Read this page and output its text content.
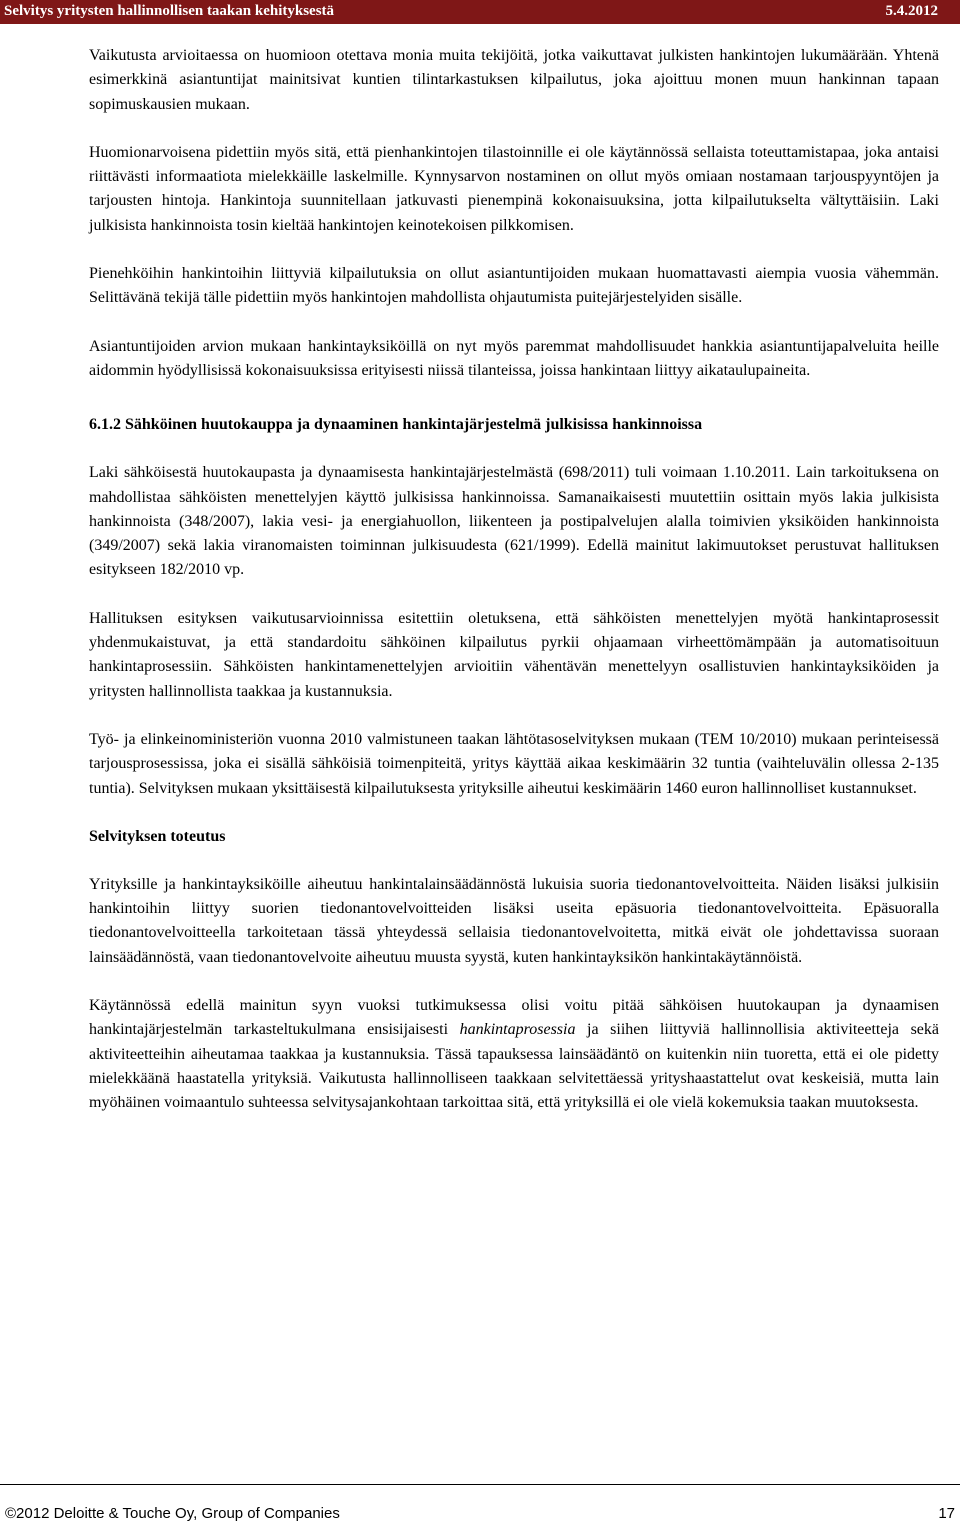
Selvitys yritysten hallinnollisen taakan kehityksestä	5.4.2012

Vaikutusta arvioitaessa on huomioon otettava monia muita tekijöitä, jotka vaikuttavat julkisten hankintojen lukumäärään. Yhtenä esimerkkinä asiantuntijat mainitsivat kuntien tilintarkastuksen kilpailutus, joka ajoittuu monen muun hankinnan tapaan sopimuskausien mukaan.

Huomionarvoisena pidettiin myös sitä, että pienhankintojen tilastoinnille ei ole käytännössä sellaista toteuttamistapaa, joka antaisi riittävästi informaatiota mielekkäille laskelmille. Kynnysarvon nostaminen on ollut myös omiaan nostamaan tarjouspyyntöjen ja tarjousten hintoja. Hankintoja suunnitellaan jatkuvasti pienempinä kokonaisuuksina, jotta kilpailutukselta vältyttäisiin. Laki julkisista hankinnoista tosin kieltää hankintojen keinotekoisen pilkkomisen.

Pienehköihin hankintoihin liittyviä kilpailutuksia on ollut asiantuntijoiden mukaan huomattavasti aiempia vuosia vähemmän. Selittävänä tekijä tälle pidettiin myös hankintojen mahdollista ohjautumista puitejärjestelyiden sisälle.

Asiantuntijoiden arvion mukaan hankintayksiköillä on nyt myös paremmat mahdollisuudet hankkia asiantuntijapalveluita heille aidommin hyödyllisissä kokonaisuuksissa erityisesti niissä tilanteissa, joissa hankintaan liittyy aikataulupaineita.

6.1.2 Sähköinen huutokauppa ja dynaaminen hankintajärjestelmä julkisissa hankinnoissa

Laki sähköisestä huutokaupasta ja dynaamisesta hankintajärjestelmästä (698/2011) tuli voimaan 1.10.2011. Lain tarkoituksena on mahdollistaa sähköisten menettelyjen käyttö julkisissa hankinnoissa. Samanaikaisesti muutettiin osittain myös lakia julkisista hankinnoista (348/2007), lakia vesi- ja energiahuollon, liikenteen ja postipalvelujen alalla toimivien yksiköiden hankinnoista (349/2007) sekä lakia viranomaisten toiminnan julkisuudesta (621/1999). Edellä mainitut lakimuutokset perustuvat hallituksen esitykseen 182/2010 vp.

Hallituksen esityksen vaikutusarvioinnissa esitettiin oletuksena, että sähköisten menettelyjen myötä hankintaprosessit yhdenmukaistuvat, ja että standardoitu sähköinen kilpailutus pyrkii ohjaamaan virheettömämpään ja automatisoituun hankintaprosessiin. Sähköisten hankintamenettelyjen arvioitiin vähentävän menettelyyn osallistuvien hankintayksiköiden ja yritysten hallinnollista taakkaa ja kustannuksia.

Työ- ja elinkeinoministeriön vuonna 2010 valmistuneen taakan lähtötasoselvityksen mukaan (TEM 10/2010) mukaan perinteisessä tarjousprosessissa, joka ei sisällä sähköisiä toimenpiteitä, yritys käyttää aikaa keskimäärin 32 tuntia (vaihteluvälin ollessa 2-135 tuntia). Selvityksen mukaan yksittäisestä kilpailutuksesta yrityksille aiheutui keskimäärin 1460 euron hallinnolliset kustannukset.

Selvityksen toteutus

Yrityksille ja hankintayksiköille aiheutuu hankintalainsäädännöstä lukuisia suoria tiedonantovelvoitteita. Näiden lisäksi julkisiin hankintoihin liittyy suorien tiedonantovelvoitteiden lisäksi useita epäsuoria tiedonantovelvoitteita. Epäsuoralla tiedonantovelvoitteella tarkoitetaan tässä yhteydessä sellaisia tiedonantovelvoitetta, mitkä eivät ole johdettavissa suoraan lainsäädännöstä, vaan tiedonantovelvoite aiheutuu muusta syystä, kuten hankintayksikön hankintakäytännöistä.

Käytännössä edellä mainitun syyn vuoksi tutkimuksessa olisi voitu pitää sähköisen huutokaupan ja dynaamisen hankintajärjestelmän tarkasteltukulmana ensisijaisesti hankintaprosessia ja siihen liittyviä hallinnollisia aktiviteetteja sekä aktiviteetteihin aiheutamaa taakkaa ja kustannuksia. Tässä tapauksessa lainsäädäntö on kuitenkin niin tuoretta, että ei ole pidetty mielekkäänä haastatella yrityksiä. Vaikutusta hallinnolliseen taakkaan selvitettäessä yrityshaastattelut ovat keskeisiä, mutta lain myöhäinen voimaantulo suhteessa selvitysajankohtaan tarkoittaa sitä, että yrityksillä ei ole vielä kokemuksia taakan muutoksesta.

©2012 Deloitte & Touche Oy, Group of Companies	17
